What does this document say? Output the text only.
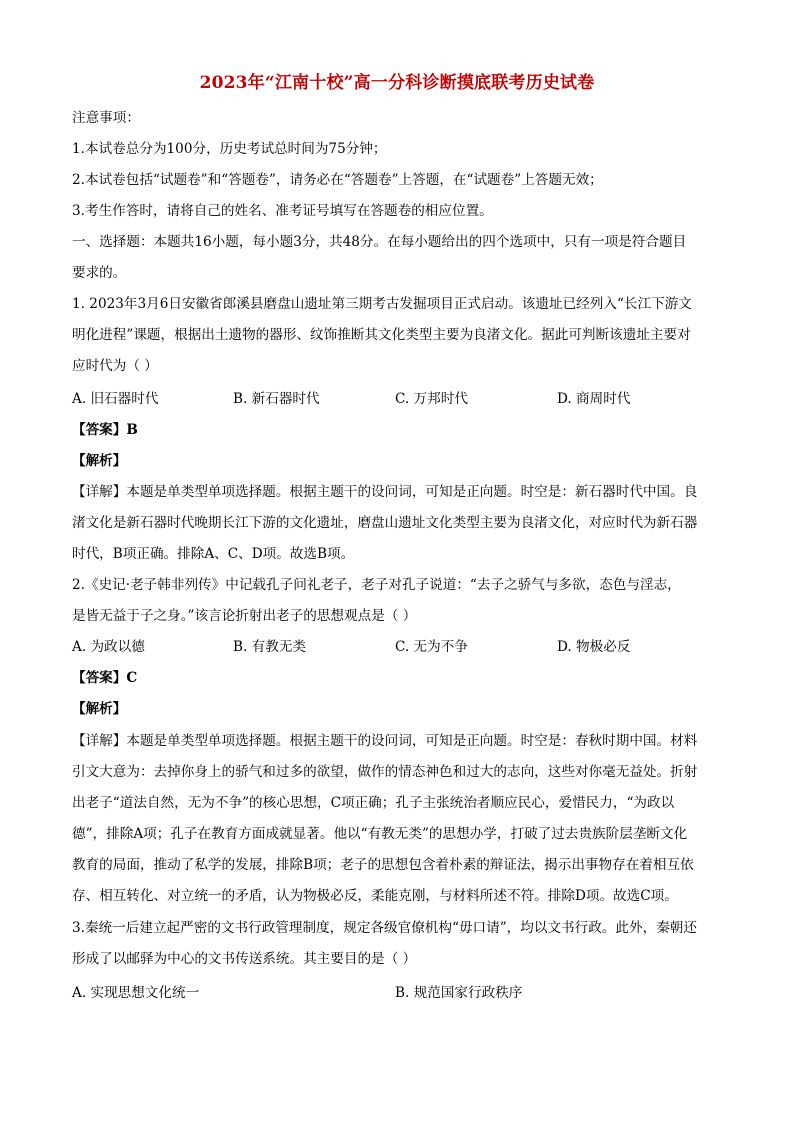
2023年“江南十校”高一分科诊断摸底联考历史试卷
注意事项：
1.本试卷总分为100分，历史考试总时间为75分钟；
2.本试卷包括“试题卷”和“答题卷”，请务必在“答题卷”上答题，在“试题卷”上答题无效；
3.考生作答时，请将自己的姓名、准考证号填写在答题卷的相应位置。
一、选择题：本题共16小题，每小题3分，共48分。在每小题给出的四个选项中，只有一项是符合题目
要求的。
1. 2023年3月6日安徽省郎溪县磨盘山遗址第三期考古发掘项目正式启动。该遗址已经列入“长江下游文
明化进程”课题，根据出土遗物的器形、纹饰推断其文化类型主要为良渚文化。据此可判断该遗址主要对
应时代为（ ）
A. 旧石器时代	B. 新石器时代	C. 万邦时代	D. 商周时代
【答案】B
【解析】
【详解】本题是单类型单项选择题。根据主题干的设问词，可知是正向题。时空是：新石器时代中国。良
渚文化是新石器时代晚期长江下游的文化遗址，磨盘山遗址文化类型主要为良渚文化，对应时代为新石器
时代，B项正确。排除A、C、D项。故选B项。
2.《史记·老子韩非列传》中记载孔子问礼老子，老子对孔子说道：“去子之骄气与多欲，态色与淫志，
是皆无益于子之身。”该言论折射出老子的思想观点是（ ）
A. 为政以德	B. 有教无类	C. 无为不争	D. 物极必反
【答案】C
【解析】
【详解】本题是单类型单项选择题。根据主题干的设问词，可知是正向题。时空是：春秋时期中国。材料
引文大意为：去掉你身上的骄气和过多的欲望，做作的情态神色和过大的志向，这些对你毫无益处。折射
出老子“道法自然，无为不争”的核心思想，C项正确；孔子主张统治者顺应民心，爱惜民力，“为政以
德”，排除A项；孔子在教育方面成就显著。他以“有教无类”的思想办学，打破了过去贵族阶层垄断文化
教育的局面，推动了私学的发展，排除B项；老子的思想包含着朴素的辩证法，揭示出事物存在着相互依
存、相互转化、对立统一的矛盾，认为物极必反，柔能克刚，与材料所述不符。排除D项。故选C项。
3.秦统一后建立起严密的文书行政管理制度，规定各级官僚机构“毋口请”，均以文书行政。此外，秦朝还
形成了以邮驿为中心的文书传送系统。其主要目的是（ ）
A. 实现思想文化统一	B. 规范国家行政秩序
